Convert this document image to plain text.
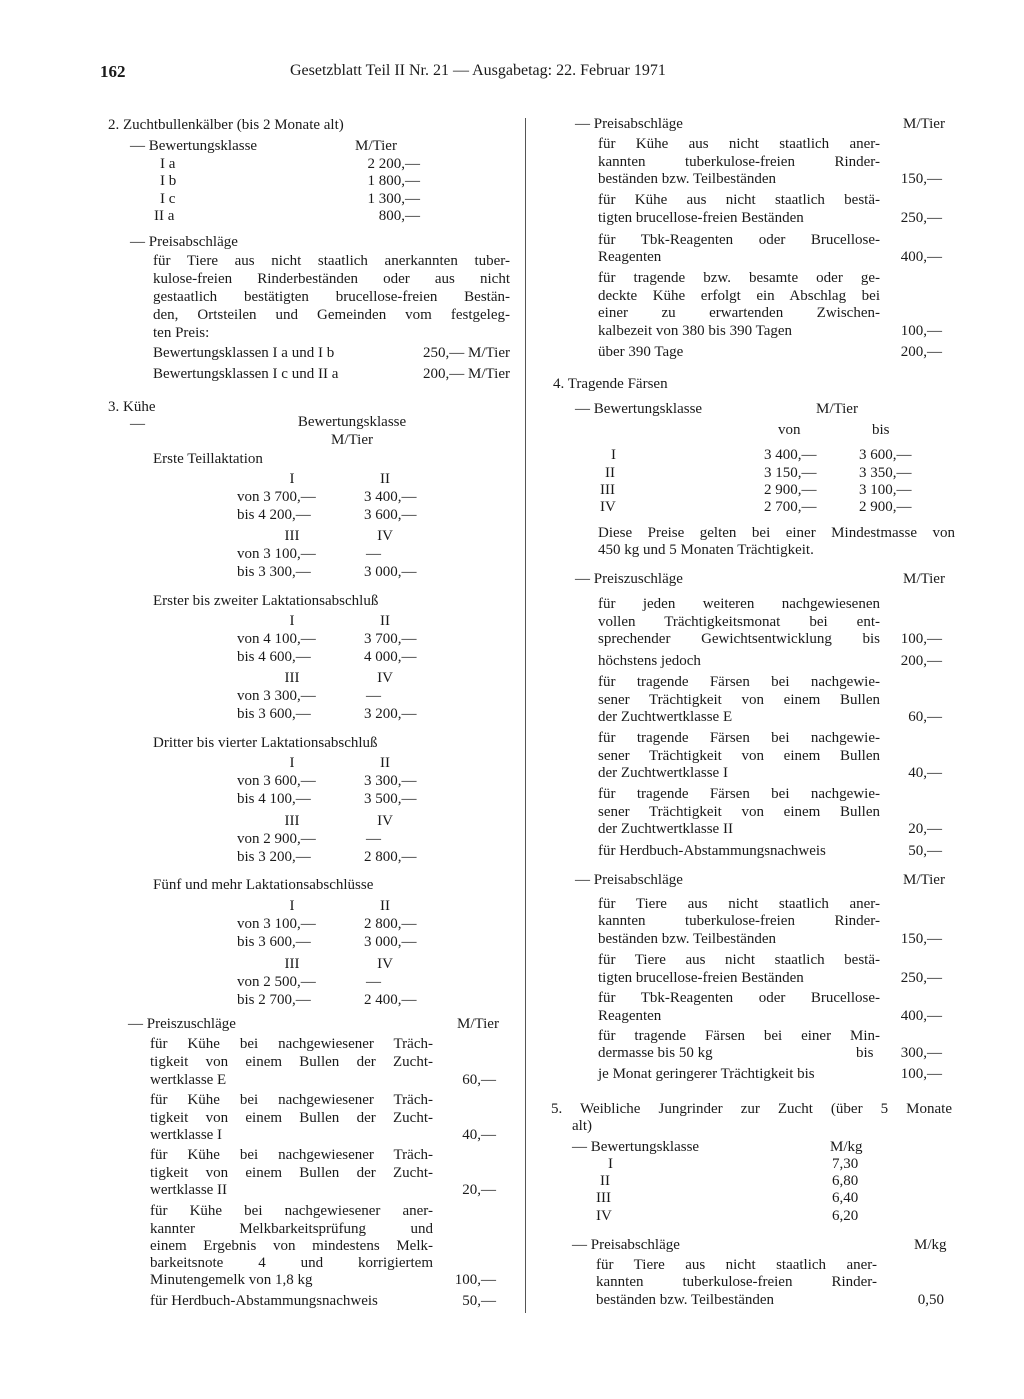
162	Gesetzblatt Teil II Nr. 21 — Ausgabetag: 22. Februar 1971
2. Zuchtbullenkälber (bis 2 Monate alt)
— Bewertungsklasse	M/Tier
I a	2 200,—
I b	1 800,—
I c	1 300,—
II a	800,—
— Preisabschläge
für Tiere aus nicht staatlich anerkannten tuber-
kulose-freien Rinderbeständen oder aus nicht
gestaatlich bestätigten brucellose-freien Bestän-
den, Ortsteilen und Gemeinden vom festgeleg-
ten Preis:
Bewertungsklassen I a und I b	250,— M/Tier
Bewertungsklassen I c und II a	200,— M/Tier
3. Kühe
—	Bewertungsklasse
M/Tier
Erste Teillaktation
I	II
von 3 700,—	3 400,—
bis 4 200,—	3 600,—
III	IV
von 3 100,—	—
bis 3 300,—	3 000,—
Erster bis zweiter Laktationsabschluß
I	II
von 4 100,—	3 700,—
bis 4 600,—	4 000,—
III	IV
von 3 300,—	—
bis 3 600,—	3 200,—
Dritter bis vierter Laktationsabschluß
I	II
von 3 600,—	3 300,—
bis 4 100,—	3 500,—
III	IV
von 2 900,—	—
bis 3 200,—	2 800,—
Fünf und mehr Laktationsabschlüsse
I	II
von 3 100,—	2 800,—
bis 3 600,—	3 000,—
III	IV
von 2 500,—	—
bis 2 700,—	2 400,—
— Preiszuschläge	M/Tier
für Kühe bei nachgewiesener Träch-
tigkeit von einem Bullen der Zucht-
wertklasse E	60,—
für Kühe bei nachgewiesener Träch-
tigkeit von einem Bullen der Zucht-
wertklasse I	40,—
für Kühe bei nachgewiesener Träch-
tigkeit von einem Bullen der Zucht-
wertklasse II	20,—
für Kühe bei nachgewiesener aner-
kannter Melkbarkeitsprüfung und
einem Ergebnis von mindestens Melk-
barkeitsnote 4 und korrigiertem
Minutengemelk von 1,8 kg	100,—
für Herdbuch-Abstammungsnachweis	50,—
— Preisabschläge	M/Tier
für Kühe aus nicht staatlich aner-
kannten tuberkulose-freien Rinder-
beständen bzw. Teilbeständen	150,—
für Kühe aus nicht staatlich bestä-
tigten brucellose-freien Beständen	250,—
für Tbk-Reagenten oder Brucellose-
Reagenten	400,—
für tragende bzw. besamte oder ge-
deckte Kühe erfolgt ein Abschlag bei
einer zu erwartenden Zwischen-
kalbezeit von 380 bis 390 Tagen	100,—
über 390 Tage	200,—
4. Tragende Färsen
— Bewertungsklasse	M/Tier
von	bis
I	3 400,—	3 600,—
II	3 150,—	3 350,—
III	2 900,—	3 100,—
IV	2 700,—	2 900,—
Diese Preise gelten bei einer Mindestmasse von
450 kg und 5 Monaten Trächtigkeit.
— Preiszuschläge	M/Tier
für jeden weiteren nachgewiesenen
vollen Trächtigkeitsmonat bei ent-
sprechender Gewichtsentwicklung bis	100,—
höchstens jedoch	200,—
für tragende Färsen bei nachgewie-
sener Trächtigkeit von einem Bullen
der Zuchtwertklasse E	60,—
für tragende Färsen bei nachgewie-
sener Trächtigkeit von einem Bullen
der Zuchtwertklasse I	40,—
für tragende Färsen bei nachgewie-
sener Trächtigkeit von einem Bullen
der Zuchtwertklasse II	20,—
für Herdbuch-Abstammungsnachweis	50,—
— Preisabschläge	M/Tier
für Tiere aus nicht staatlich aner-
kannten tuberkulose-freien Rinder-
beständen bzw. Teilbeständen	150,—
für Tiere aus nicht staatlich bestä-
tigten brucellose-freien Beständen	250,—
für Tbk-Reagenten oder Brucellose-
Reagenten	400,—
für tragende Färsen bei einer Min-
dermasse bis 50 kg	bis	300,—
je Monat geringerer Trächtigkeit bis	100,—
5. Weibliche Jungrinder zur Zucht (über 5 Monate
alt)
— Bewertungsklasse	M/kg
I	7,30
II	6,80
III	6,40
IV	6,20
— Preisabschläge	M/kg
für Tiere aus nicht staatlich aner-
kannten tuberkulose-freien Rinder-
beständen bzw. Teilbeständen	0,50
